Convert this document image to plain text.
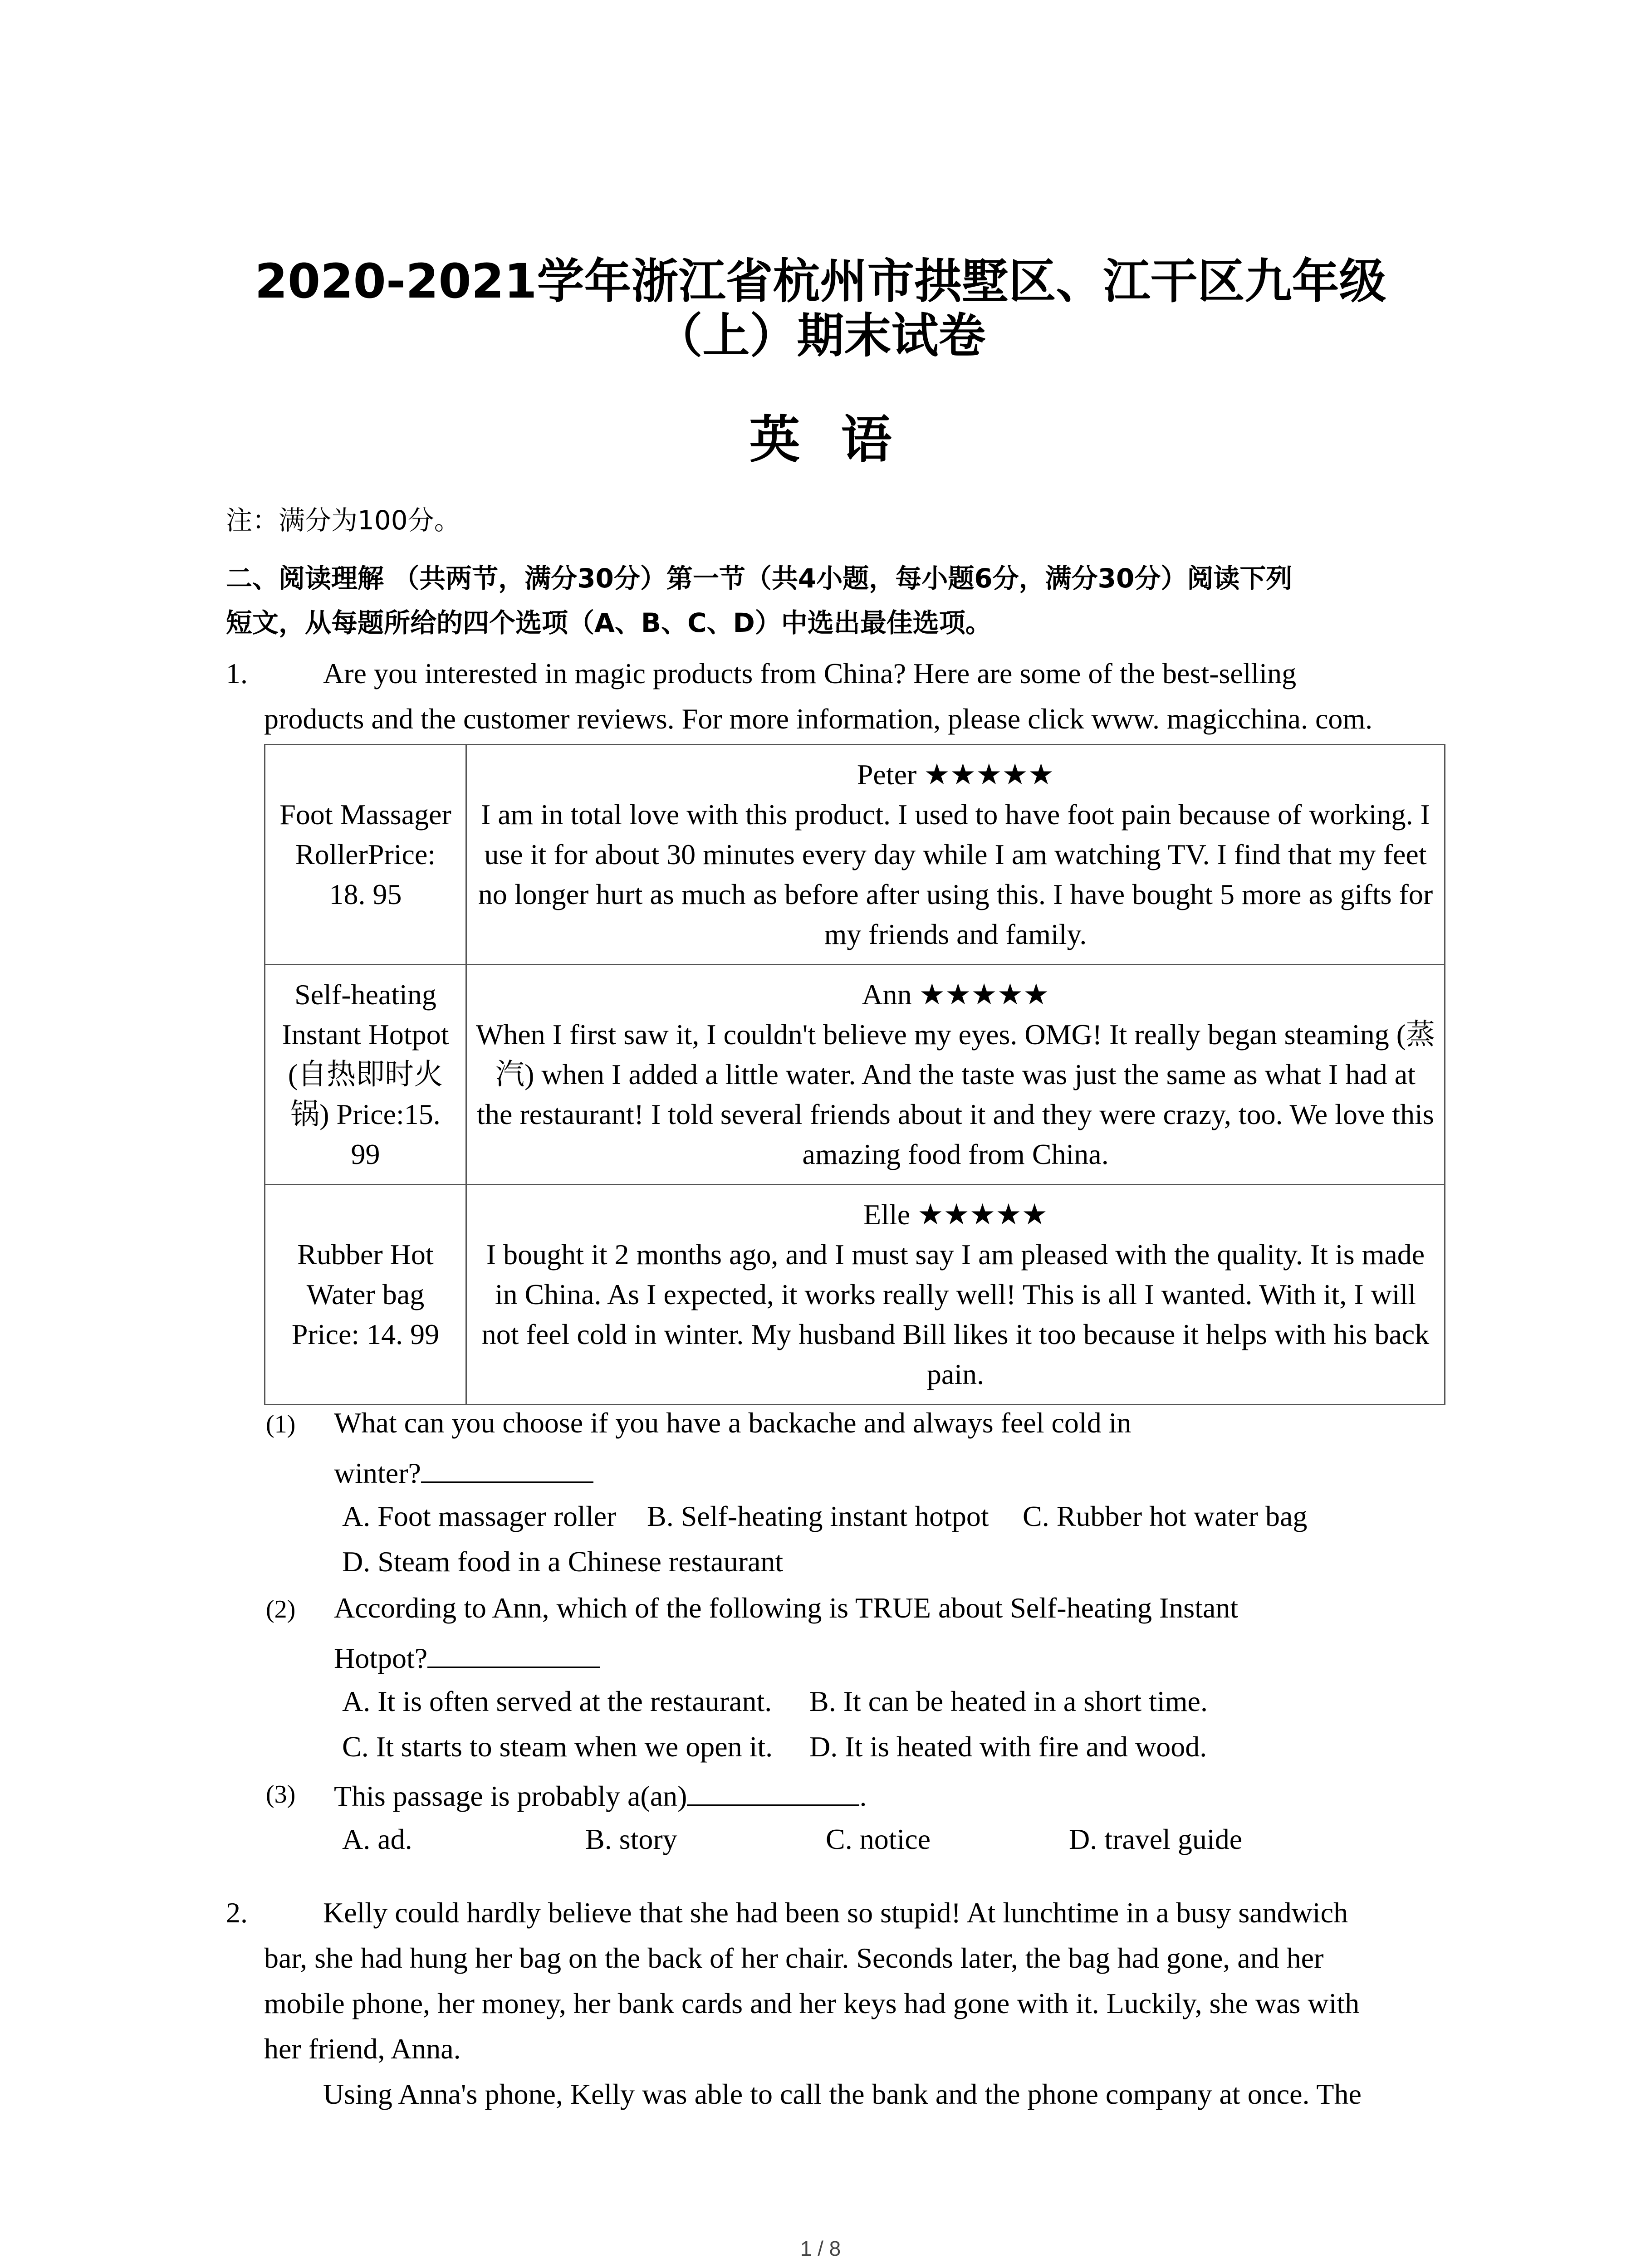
2020-2021学年浙江省杭州市拱墅区、江干区九年级
（上）期末试卷
英语
注：满分为100分。
二、阅读理解 （共两节，满分30分）第一节（共4小题，每小题6分，满分30分）阅读下列
短文，从每题所给的四个选项（A、B、C、D）中选出最佳选项。
1.	Are you interested in magic products from China? Here are some of the best-selling
products and the customer reviews. For more information, please click www. magicchina. com.
Foot Massager RollerPrice: 18. 95	Peter ★★★★★
I am in total love with this product. I used to have foot pain because of working. I use it for about 30 minutes every day while I am watching TV. I find that my feet no longer hurt as much as before after using this. I have bought 5 more as gifts for my friends and family.

Self-heating Instant Hotpot (自热即时火锅) Price:15. 99	Ann ★★★★★
When I first saw it, I couldn't believe my eyes. OMG! It really began steaming (蒸汽) when I added a little water. And the taste was just the same as what I had at the restaurant! I told several friends about it and they were crazy, too. We love this amazing food from China.

Rubber Hot Water bag Price: 14. 99	Elle ★★★★★
I bought it 2 months ago, and I must say I am pleased with the quality. It is made in China. As I expected, it works really well! This is all I wanted. With it, I will not feel cold in winter. My husband Bill likes it too because it helps with his back pain.
(1) What can you choose if you have a backache and always feel cold in
winter?
A. Foot massager roller B. Self-heating instant hotpot C. Rubber hot water bag
D. Steam food in a Chinese restaurant
(2) According to Ann, which of the following is TRUE about Self-heating Instant
Hotpot?
A. It is often served at the restaurant. B. It can be heated in a short time.
C. It starts to steam when we open it. D. It is heated with fire and wood.
(3) This passage is probably a(an)	.
A. ad.	B. story	C. notice	D. travel guide
2.	Kelly could hardly believe that she had been so stupid! At lunchtime in a busy sandwich
bar, she had hung her bag on the back of her chair. Seconds later, the bag had gone, and her
mobile phone, her money, her bank cards and her keys had gone with it. Luckily, she was with
her friend, Anna.
Using Anna's phone, Kelly was able to call the bank and the phone company at once. The
1 / 8
